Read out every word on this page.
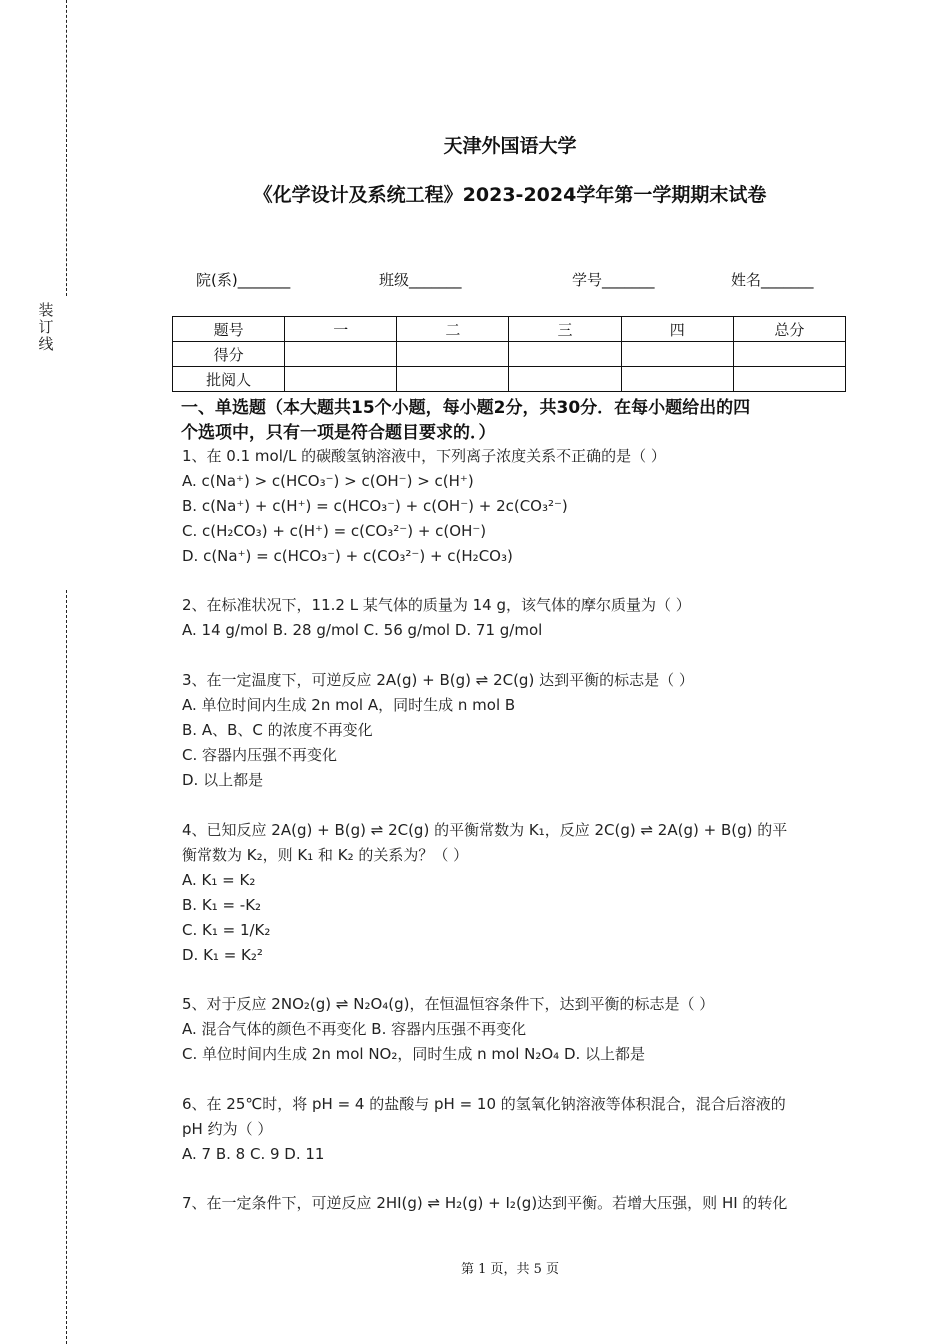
装订线
天津外国语大学
《化学设计及系统工程》2023-2024学年第一学期期末试卷
院(系)_______	班级_______	学号_______	姓名_______
题号	一	二	三	四	总分
得分					
批阅人					
一、单选题（本大题共15个小题，每小题2分，共30分．在每小题给出的四
个选项中，只有一项是符合题目要求的．）
1、在 0.1 mol/L 的碳酸氢钠溶液中，下列离子浓度关系不正确的是（ ）
A. c(Na⁺) > c(HCO₃⁻) > c(OH⁻) > c(H⁺)
B. c(Na⁺) + c(H⁺) = c(HCO₃⁻) + c(OH⁻) + 2c(CO₃²⁻)
C. c(H₂CO₃) + c(H⁺) = c(CO₃²⁻) + c(OH⁻)
D. c(Na⁺) = c(HCO₃⁻) + c(CO₃²⁻) + c(H₂CO₃)
2、在标准状况下，11.2 L 某气体的质量为 14 g，该气体的摩尔质量为（ ）
A. 14 g/mol B. 28 g/mol C. 56 g/mol D. 71 g/mol
3、在一定温度下，可逆反应 2A(g) + B(g) ⇌ 2C(g) 达到平衡的标志是（ ）
A. 单位时间内生成 2n mol A，同时生成 n mol B
B. A、B、C 的浓度不再变化
C. 容器内压强不再变化
D. 以上都是
4、已知反应 2A(g) + B(g) ⇌ 2C(g) 的平衡常数为 K₁，反应 2C(g) ⇌ 2A(g) + B(g) 的平
衡常数为 K₂，则 K₁ 和 K₂ 的关系为？（ ）
A. K₁ = K₂
B. K₁ = -K₂
C. K₁ = 1/K₂
D. K₁ = K₂²
5、对于反应 2NO₂(g) ⇌ N₂O₄(g)，在恒温恒容条件下，达到平衡的标志是（ ）
A. 混合气体的颜色不再变化 B. 容器内压强不再变化
C. 单位时间内生成 2n mol NO₂，同时生成 n mol N₂O₄ D. 以上都是
6、在 25℃时，将 pH = 4 的盐酸与 pH = 10 的氢氧化钠溶液等体积混合，混合后溶液的
pH 约为（ ）
A. 7 B. 8 C. 9 D. 11
7、在一定条件下，可逆反应 2HI(g) ⇌ H₂(g) + I₂(g)达到平衡。若增大压强，则 HI 的转化
第 1 页，共 5 页
